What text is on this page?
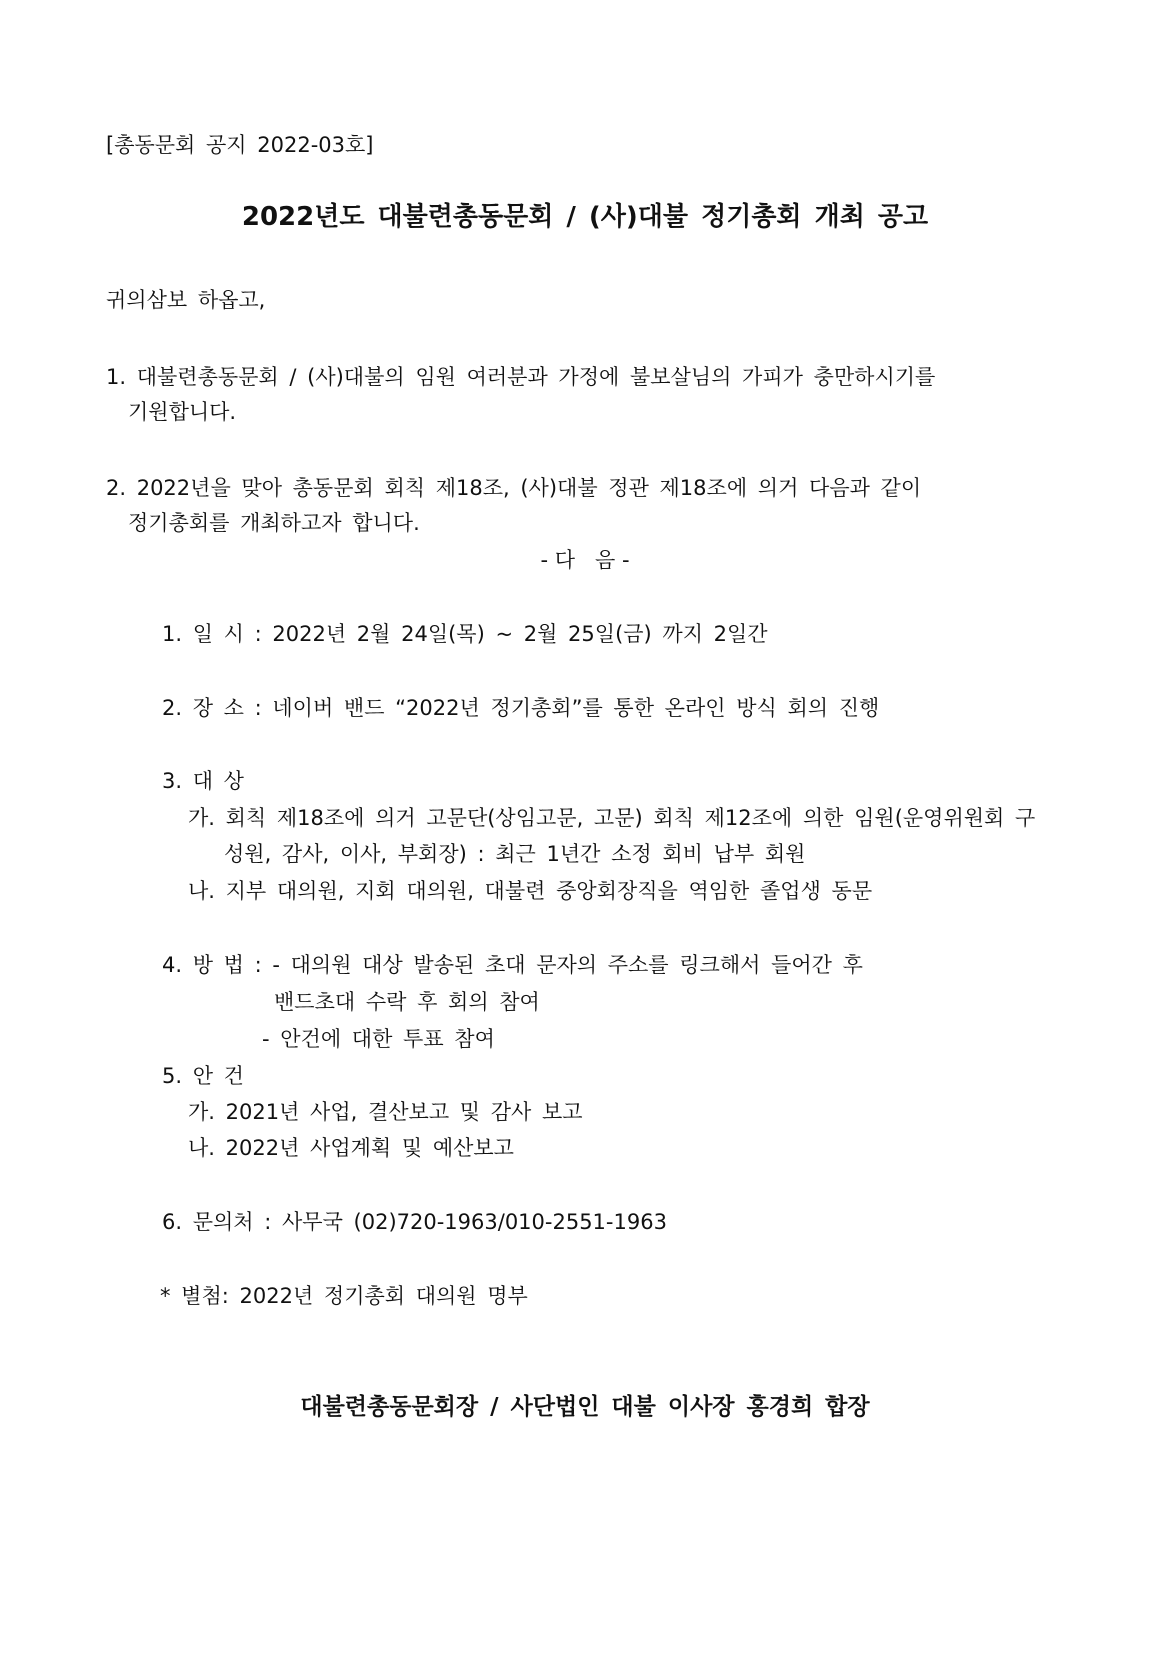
[총동문회 공지 2022-03호]
2022년도 대불련총동문회 / (사)대불 정기총회 개최 공고
귀의삼보 하옵고,
1. 대불련총동문회 / (사)대불의 임원 여러분과 가정에 불보살님의 가피가 충만하시기를
기원합니다.
2. 2022년을 맞아 총동문회 회칙 제18조, (사)대불 정관 제18조에 의거 다음과 같이
정기총회를 개최하고자 합니다.
- 다   음 -
1. 일 시 : 2022년 2월 24일(목) ~ 2월 25일(금) 까지 2일간
2. 장 소 : 네이버 밴드 “2022년 정기총회”를 통한 온라인 방식 회의 진행
3. 대 상
가. 회칙 제18조에 의거 고문단(상임고문, 고문) 회칙 제12조에 의한 임원(운영위원회 구
성원, 감사, 이사, 부회장) : 최근 1년간 소정 회비 납부 회원
나. 지부 대의원, 지회 대의원, 대불련 중앙회장직을 역임한 졸업생 동문
4. 방 법 : - 대의원 대상 발송된 초대 문자의 주소를 링크해서 들어간 후
밴드초대 수락 후 회의 참여
- 안건에 대한 투표 참여
5. 안 건
가. 2021년 사업, 결산보고 및 감사 보고
나. 2022년 사업계획 및 예산보고
6. 문의처 : 사무국 (02)720-1963/010-2551-1963
* 별첨: 2022년 정기총회 대의원 명부
대불련총동문회장 / 사단법인 대불 이사장 홍경희 합장
